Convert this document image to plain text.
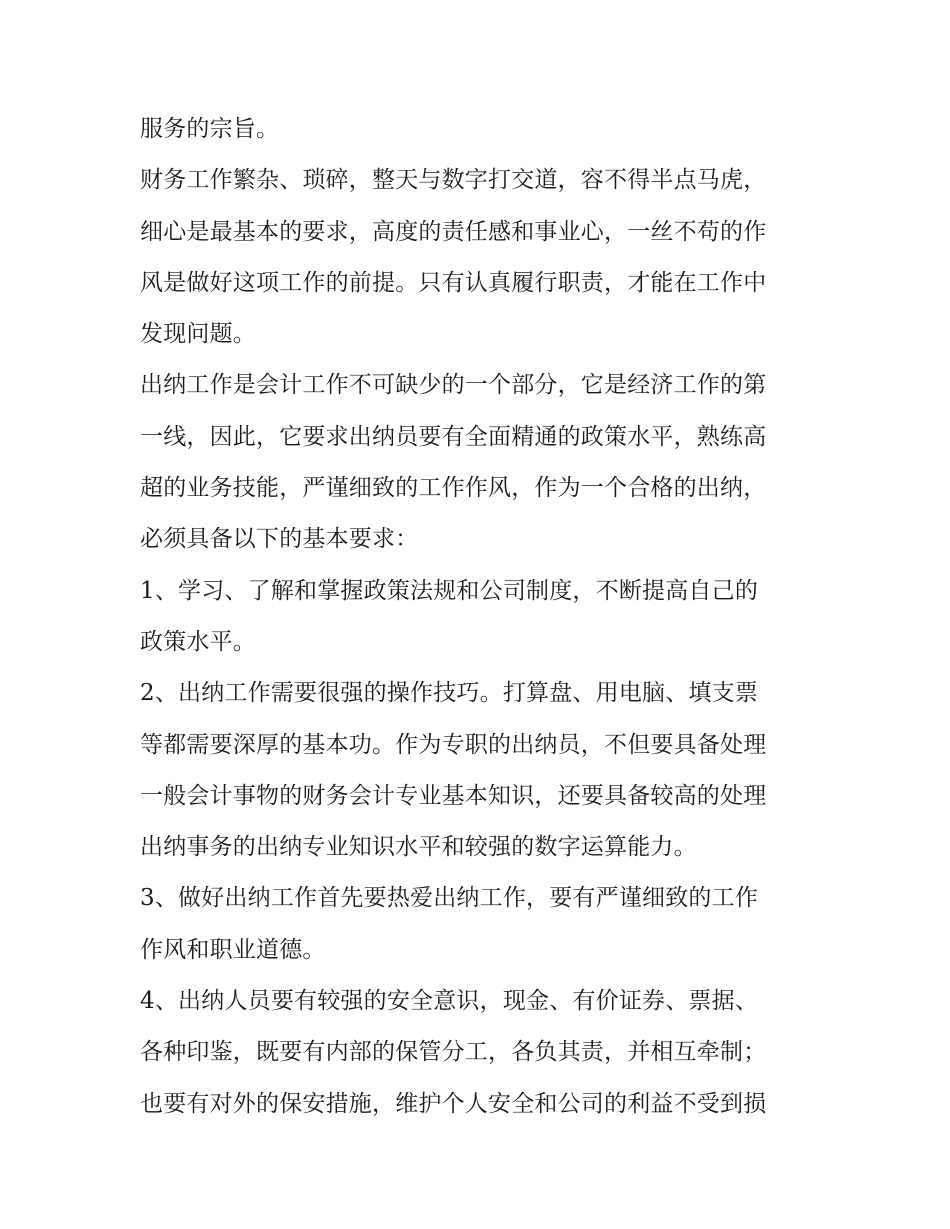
服务的宗旨。
财务工作繁杂、琐碎，整天与数字打交道，容不得半点马虎，
细心是最基本的要求，高度的责任感和事业心，一丝不苟的作
风是做好这项工作的前提。只有认真履行职责，才能在工作中
发现问题。
出纳工作是会计工作不可缺少的一个部分，它是经济工作的第
一线，因此，它要求出纳员要有全面精通的政策水平，熟练高
超的业务技能，严谨细致的工作作风，作为一个合格的出纳，
必须具备以下的基本要求：
1、学习、了解和掌握政策法规和公司制度，不断提高自己的
政策水平。
2、出纳工作需要很强的操作技巧。打算盘、用电脑、填支票
等都需要深厚的基本功。作为专职的出纳员，不但要具备处理
一般会计事物的财务会计专业基本知识，还要具备较高的处理
出纳事务的出纳专业知识水平和较强的数字运算能力。
3、做好出纳工作首先要热爱出纳工作，要有严谨细致的工作
作风和职业道德。
4、出纳人员要有较强的安全意识，现金、有价证券、票据、
各种印鉴，既要有内部的保管分工，各负其责，并相互牵制；
也要有对外的保安措施，维护个人安全和公司的利益不受到损
